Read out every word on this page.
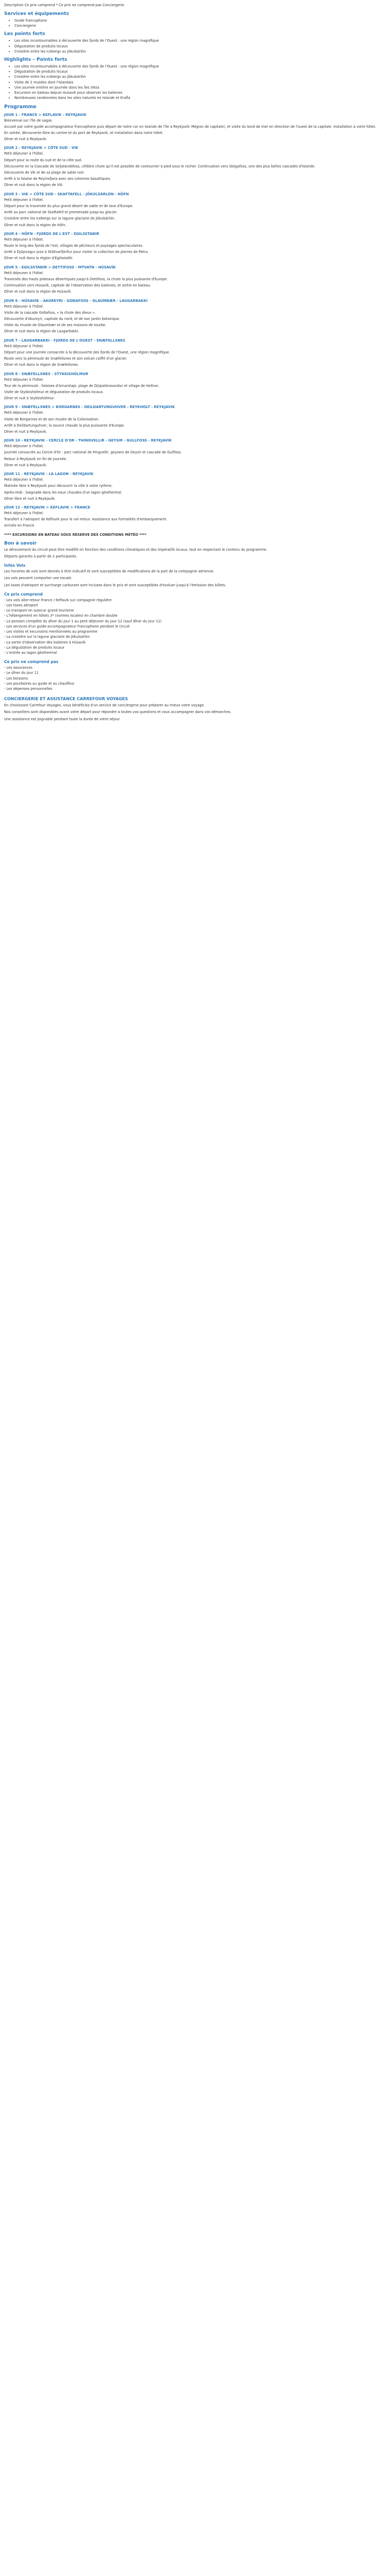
Description Ce prix comprend * Ce prix ne comprend pas Conciergerie
Services et équipements
• Guide francophone
• Conciergerie
Les points forts
• Les sites incontournables à découverte des fjords de l'Ouest : une région magnifique
• Dégustation de produits locaux
• Croisière entre les icebergs au Jökulsárlón
Highlights – Points forts
• Les sites incontournables à découverte des fjords de l'Ouest : une région magnifique
• Dégustation de produits locaux
• Croisière entre les icebergs au Jökulsárlón
• Visite de 2 musées dont l'Islandais
• Une journée entière en Journée dans les îles Vikta
• Excursion en bateau depuis Husavik pour observer les baleines
• Nombreuses randonnées dans les sites naturels en Islande et Krafla
Programme
JOUR 1 - FRANCE > KEFLAVIK - REYKJAVIK

Bienvenue sur l'île de sagas

Accueil par votre guide accompagnateur francophone puis départ de notre car en Islande de l'île à Reykjavik (Région de capitale), et visite du bord de mer en direction de l'ouest de la capitale. Installation à votre hôtel.

En soirée, découverte libre du centre et du port de Reykjavik, et installation dans notre hôtel.

Dîner et nuit à Reykjavik.

JOUR 2 - REYKJAVIK > CÔTE SUD - VIK

Petit déjeuner à l'hôtel.

Départ pour la route du sud et de la côte sud.

Découverte en la Cascade de Seljalandsfoss, célèbre chute qu'il est possible de contourner à pied sous le rocher. Continuation vers Skógafoss, une des plus belles cascades d'Islande.

Découverte de Vik et de sa plage de sable noir.

Arrêt à la falaise de Reynisfjara avec ses colonnes basaltiques.

Dîner et nuit dans la région de Vik.

JOUR 3 - VIK > CÔTE SUD - SKAFTAFELL - JÖKULSÁRLÓN - HÖFN

Petit déjeuner à l'hôtel.

Départ pour la traversée du plus grand désert de sable et de lave d'Europe.

Arrêt au parc national de Skaftafell et promenade jusqu'au glacier.

Croisière entre les icebergs sur la lagune glaciaire de Jökulsárlón.

Dîner et nuit dans la région de Höfn.

JOUR 4 - HÖFN - FJORDS DE L'EST - EGILSSTAÐIR

Petit déjeuner à l'hôtel.

Route le long des fjords de l'est, villages de pêcheurs et paysages spectaculaires.

Arrêt à Djúpivogur puis à Stöðvarfjörður pour visiter la collection de pierres de Petra.

Dîner et nuit dans la région d'Egilsstaðir.

JOUR 5 - EGILSSTAÐIR > DETTIFOSS - MÝVATN - HÚSAVÍK

Petit déjeuner à l'hôtel.

Traversée des hauts plateaux désertiques jusqu'à Dettifoss, la chute la plus puissante d'Europe.

Continuation vers Húsavík, capitale de l'observation des baleines, et sortie en bateau.

Dîner et nuit dans la région de Húsavík.

JOUR 6 - HÚSAVÍK - AKUREYRI - GOÐAFOSS - GLAUMBÆR - LAUGARBAKKI

Petit déjeuner à l'hôtel.

Visite de la cascade Goðafoss, « la chute des dieux ».

Découverte d'Akureyri, capitale du nord, et de son jardin botanique.

Visite du musée de Glaumbær et de ses maisons de tourbe.

Dîner et nuit dans la région de Laugarbakki.

JOUR 7 - LAUGARBAKKI - FJORDS DE L'OUEST - SNÆFELLSNES

Petit déjeuner à l'hôtel.

Départ pour une journée consacrée à la découverte des fjords de l'Ouest, une région magnifique.

Route vers la péninsule de Snæfellsnes et son volcan coiffé d'un glacier.

Dîner et nuit dans la région de Snæfellsnes.

JOUR 8 - SNÆFELLSNES - STYKKISHÓLMUR

Petit déjeuner à l'hôtel.

Tour de la péninsule : falaises d'Arnarstapi, plage de Djúpalónssandur et village de Hellnar.

Visite de Stykkishólmur et dégustation de produits locaux.

Dîner et nuit à Stykkishólmur.

JOUR 9 - SNÆFELLSNES > BORGARNES - DEILDARTUNGUHVER - REYKHOLT - REYKJAVIK

Petit déjeuner à l'hôtel.

Visite de Borgarnes et de son musée de la Colonisation.

Arrêt à Deildartunguhver, la source chaude la plus puissante d'Europe.

Dîner et nuit à Reykjavik.

JOUR 10 - REYKJAVIK - CERCLE D'OR - THINGVELLIR - GEYSIR - GULLFOSS - REYKJAVIK

Petit déjeuner à l'hôtel.

Journée consacrée au Cercle d'Or : parc national de Þingvellir, geysers de Geysir et cascade de Gullfoss.

Retour à Reykjavik en fin de journée.

Dîner et nuit à Reykjavik.

JOUR 11 - REYKJAVIK - LA LAGON - REYKJAVIK

Petit déjeuner à l'hôtel.

Matinée libre à Reykjavik pour découvrir la ville à votre rythme.

Après-midi : baignade dans les eaux chaudes d'un lagon géothermal.

Dîner libre et nuit à Reykjavik.

JOUR 12 - REYKJAVIK > KEFLAVIK > FRANCE

Petit déjeuner à l'hôtel.

Transfert à l'aéroport de Keflavik pour le vol retour. Assistance aux formalités d'embarquement.

Arrivée en France.

**** EXCURSIONS EN BATEAU SOUS RÉSERVE DES CONDITIONS MÉTÉO ****
Bon à savoir

Le déroulement du circuit peut être modifié en fonction des conditions climatiques et des impératifs locaux, tout en respectant le contenu du programme.

Départs garantis à partir de 2 participants.

Infos Vols

Les horaires de vols sont donnés à titre indicatif et sont susceptibles de modifications de la part de la compagnie aérienne.

Les vols peuvent comporter une escale.

Les taxes d'aéroport et surcharge carburant sont incluses dans le prix et sont susceptibles d'évoluer jusqu'à l'émission des billets.

Ce prix comprend

- Les vols aller-retour France / Keflavik sur compagnie régulière

- Les taxes aéroport

- Le transport en autocar grand tourisme

- L'hébergement en hôtels 3* (normes locales) en chambre double

- La pension complète du dîner du jour 1 au petit déjeuner du jour 12 (sauf dîner du jour 11)

- Les services d'un guide-accompagnateur francophone pendant le circuit

- Les visites et excursions mentionnées au programme

- La croisière sur la lagune glaciaire de Jökulsárlón

- La sortie d'observation des baleines à Húsavík

- La dégustation de produits locaux

- L'entrée au lagon géothermal

Ce prix ne comprend pas

- Les assurances

- Le dîner du jour 11

- Les boissons

- Les pourboires au guide et au chauffeur

- Les dépenses personnelles

CONCIERGERIE ET ASSISTANCE CARREFOUR VOYAGES

En choisissant Carrefour Voyages, vous bénéficiez d'un service de conciergerie pour préparer au mieux votre voyage.

Nos conseillers sont disponibles avant votre départ pour répondre à toutes vos questions et vous accompagner dans vos démarches.

Une assistance est joignable pendant toute la durée de votre séjour.
